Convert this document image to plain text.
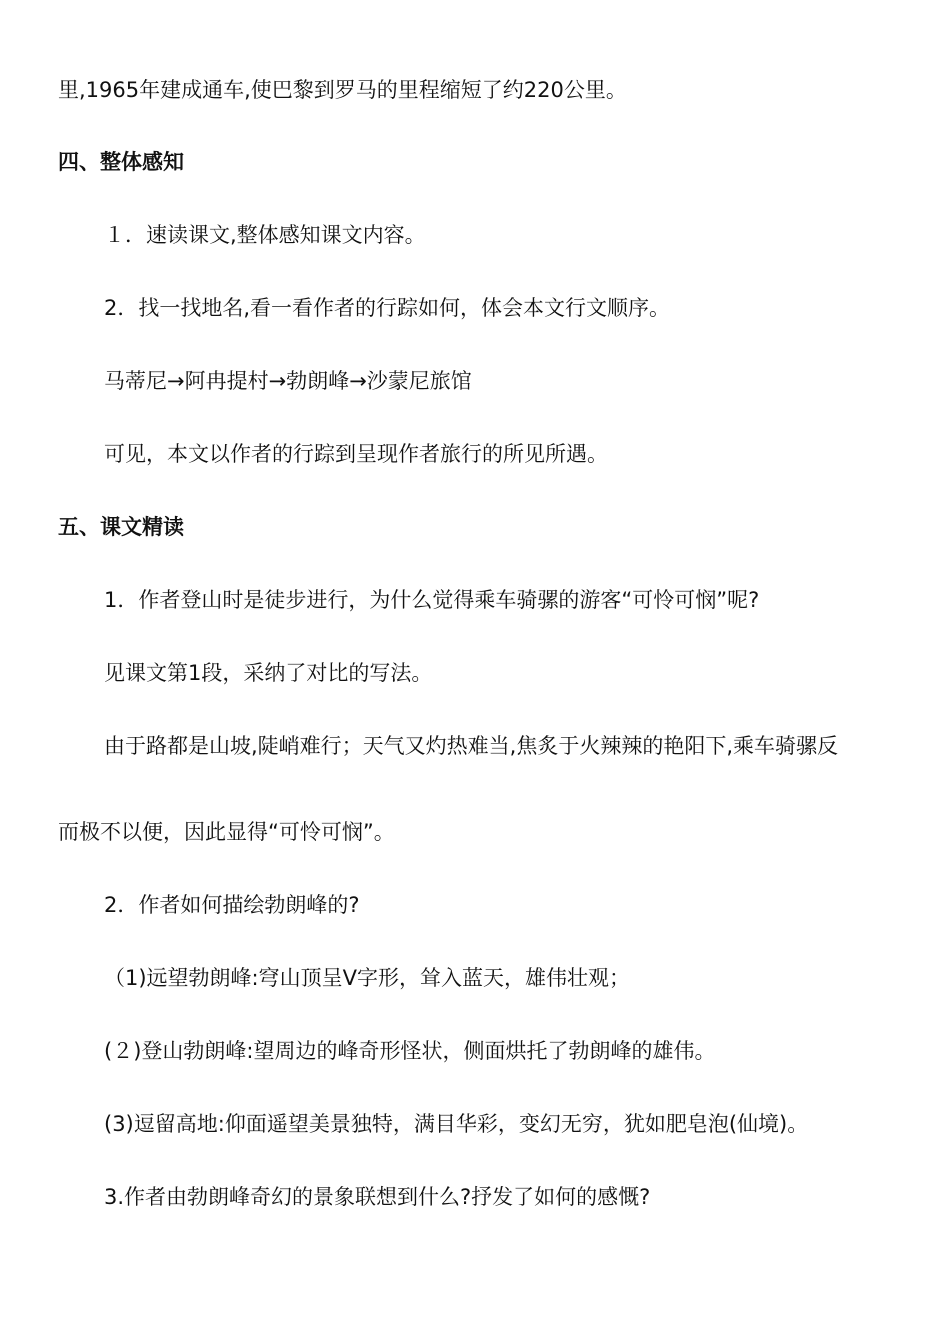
里,1965年建成通车,使巴黎到罗马的里程缩短了约220公里。
四、整体感知
１．速读课文,整体感知课文内容。
2．找一找地名,看一看作者的行踪如何，体会本文行文顺序。
马蒂尼→阿冉提村→勃朗峰→沙蒙尼旅馆
可见，本文以作者的行踪到呈现作者旅行的所见所遇。
五、课文精读
1．作者登山时是徒步进行，为什么觉得乘车骑骡的游客“可怜可悯”呢?
见课文第1段，采纳了对比的写法。
由于路都是山坡,陡峭难行；天气又灼热难当,焦炙于火辣辣的艳阳下,乘车骑骡反
而极不以便，因此显得“可怜可悯”。
2．作者如何描绘勃朗峰的?
（1)远望勃朗峰:穹山顶呈V字形，耸入蓝天，雄伟壮观；
(２)登山勃朗峰:望周边的峰奇形怪状，侧面烘托了勃朗峰的雄伟。
(3)逗留高地:仰面遥望美景独特，满目华彩，变幻无穷，犹如肥皂泡(仙境)。
3.作者由勃朗峰奇幻的景象联想到什么?抒发了如何的感慨?
